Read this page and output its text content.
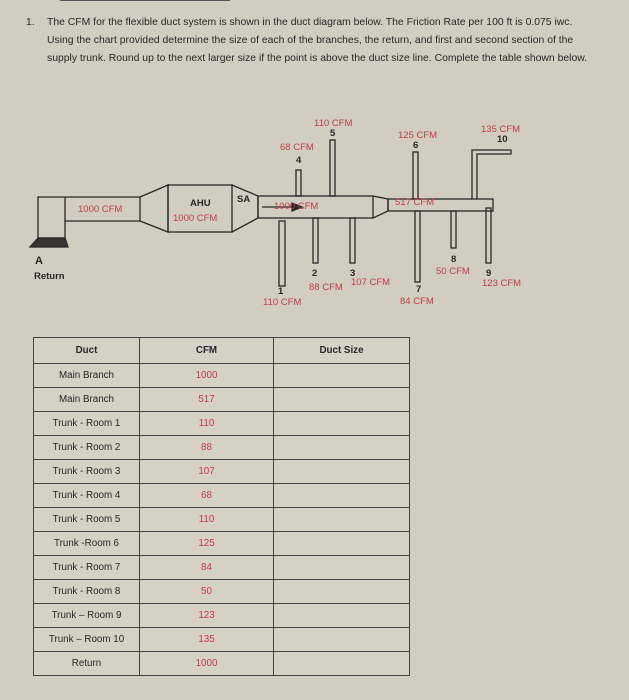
1. The CFM for the flexible duct system is shown in the duct diagram below. The Friction Rate per 100 ft is 0.075 iwc. Using the chart provided determine the size of each of the branches, the return, and first and second section of the supply trunk. Round up to the next larger size if the point is above the duct size line. Complete the table shown below.
1000 CFM
A
Return
AHU
1000 CFM
SA
1000 CFM	517 CFM
1
110 CFM
2
88 CFM
3
107 CFM
4
68 CFM
5
110 CFM
6
125 CFM
7
84 CFM
8
50 CFM 9
123 CFM
10
135 CFM
Duct	CFM	Duct Size
Main Branch	1000	
Main Branch	517	
Trunk - Room 1	110	
Trunk - Room 2	88	
Trunk - Room 3	107	
Trunk - Room 4	68	
Trunk - Room 5	110	
Trunk -Room 6	125	
Trunk - Room 7	84	
Trunk - Room 8	50	
Trunk – Room 9	123	
Trunk – Room 10	135	
Return	1000	
